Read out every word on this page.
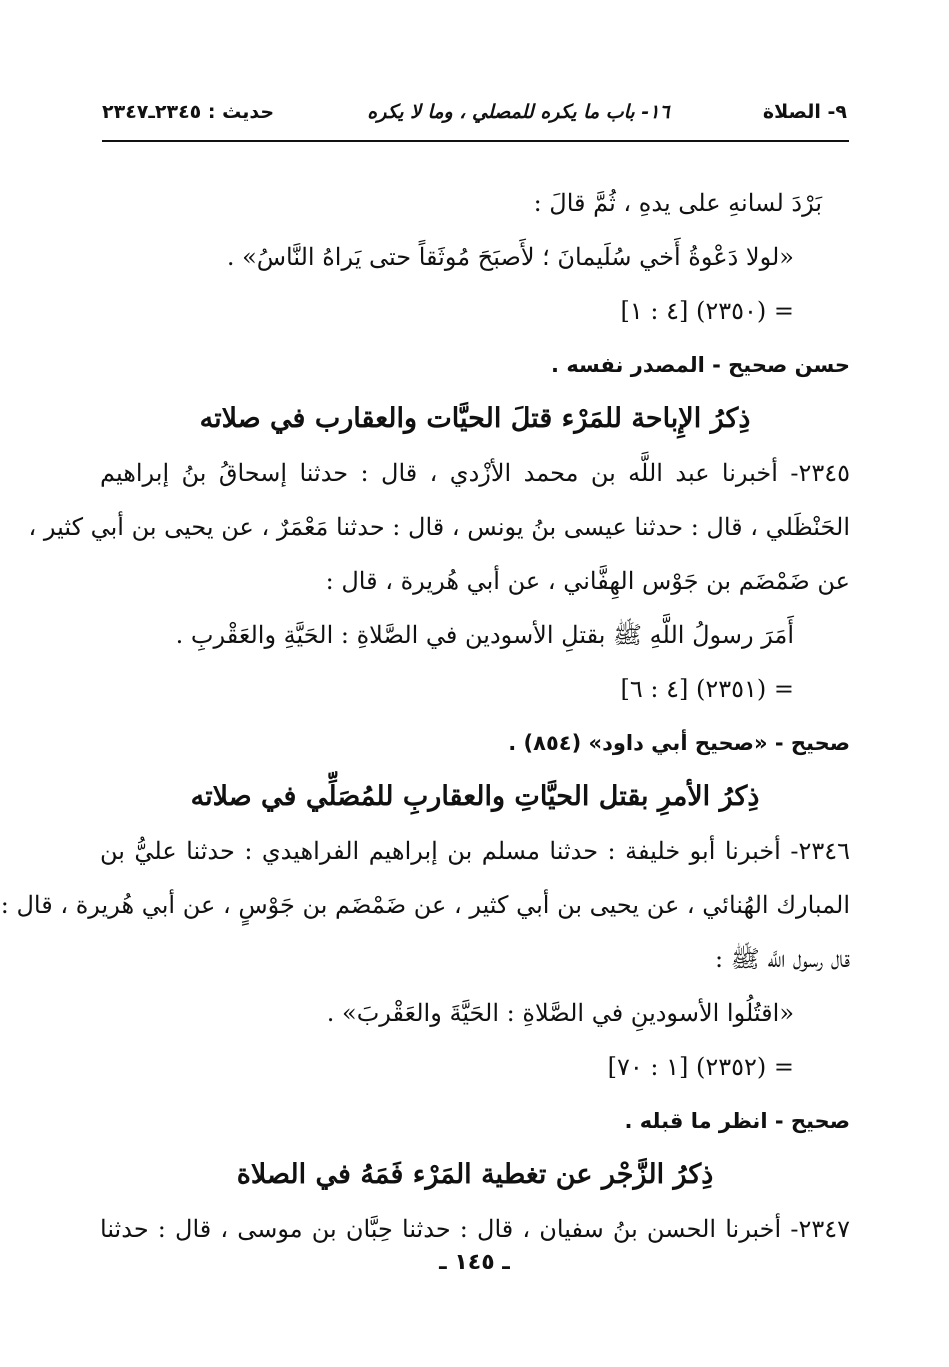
٩- الصلاة
١٦- باب ما يكره للمصلي ، وما لا يكره
حديث : ٢٣٤٥ـ٢٣٤٧
بَرْدَ لسانهِ على يدهِ ، ثُمَّ قالَ :
«لولا دَعْوةُ أَخي سُلَيمانَ ؛ لأَصبَحَ مُوثَقاً حتى يَراهُ النَّاسُ» .
= (٢٣٥٠) [٤ : ١]
حسن صحيح - المصدر نفسه .
ذِكرُ الإِباحة للمَرْء قتلَ الحيَّات والعقارب في صلاته
٢٣٤٥- أخبرنا عبد اللَّه بن محمد الأزْدي ، قال : حدثنا إسحاقُ بنُ إبراهيم
الحَنْظَلي ، قال : حدثنا عيسى بنُ يونس ، قال : حدثنا مَعْمَرٌ ، عن يحيى بن أبي كثير ،
عن ضَمْضَم بن جَوْس الهِفَّاني ، عن أبي هُريرة ، قال :
أَمَرَ رسولُ اللَّهِ ﷺ بقتلِ الأسودين في الصَّلاةِ : الحَيَّةِ والعَقْربِ .
= (٢٣٥١) [٤ : ٦]
صحيح - «صحيح أبي داود» (٨٥٤) .
ذِكرُ الأمرِ بقتل الحيَّاتِ والعقاربِ للمُصَلِّي في صلاته
٢٣٤٦- أخبرنا أبو خليفة : حدثنا مسلم بن إبراهيم الفراهيدي : حدثنا عليُّ بن
المبارك الهُنائي ، عن يحيى بن أبي كثير ، عن ضَمْضَم بن جَوْسٍ ، عن أبي هُريرة ، قال :
قال رسول اللَّه ﷺ :
«اقتُلُوا الأسودينِ في الصَّلاةِ : الحَيَّةَ والعَقْربَ» .
= (٢٣٥٢) [١ : ٧٠]
صحيح - انظر ما قبله .
ذِكرُ الزَّجْر عن تغطية المَرْء فَمَهُ في الصلاة
٢٣٤٧- أخبرنا الحسن بنُ سفيان ، قال : حدثنا حِبَّان بن موسى ، قال : حدثنا
ـ ١٤٥ ـ
